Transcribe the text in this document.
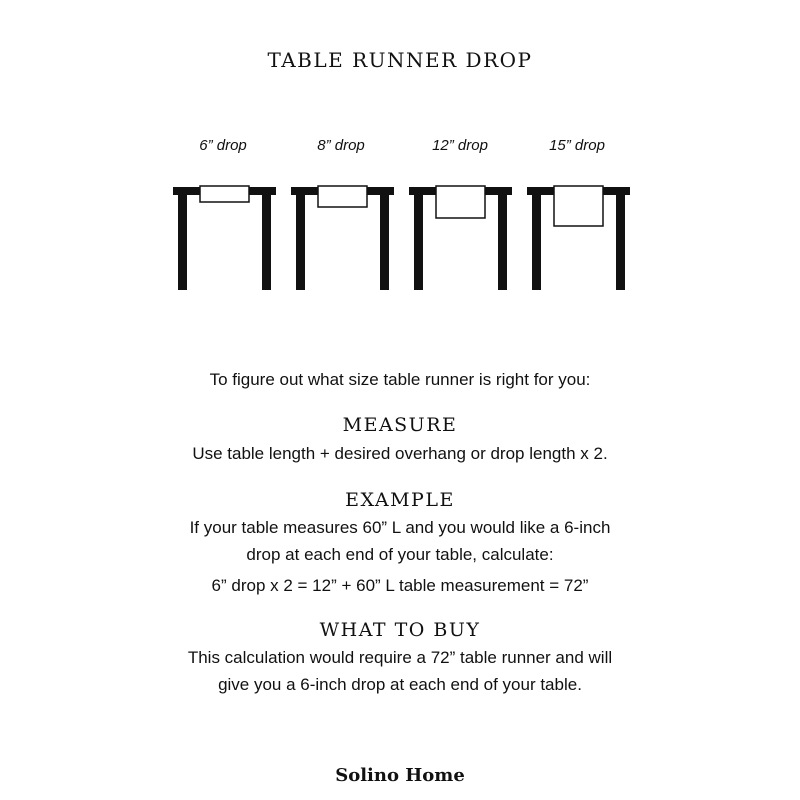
TABLE RUNNER DROP
6” drop	8” drop	12” drop	15” drop
To figure out what size table runner is right for you:
MEASURE
Use table length + desired overhang or drop length x 2.
EXAMPLE
If your table measures 60” L and you would like a 6-inch
drop at each end of your table, calculate:
6” drop x 2 = 12” + 60” L table measurement = 72”
WHAT TO BUY
This calculation would require a 72” table runner and will
give you a 6-inch drop at each end of your table.
Solino Home
